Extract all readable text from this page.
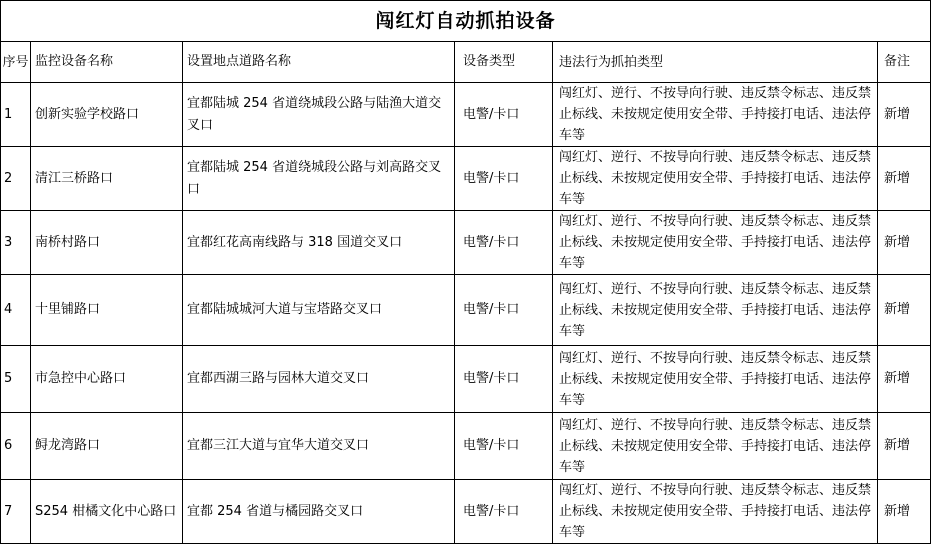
闯红灯自动抓拍设备					
序号	监控设备名称	设置地点道路名称	设备类型	违法行为抓拍类型	备注
1	创新实验学校路口	宜都陆城 254 省道绕城段公路与陆渔大道交叉口	电警/卡口	闯红灯、逆行、不按导向行驶、违反禁令标志、违反禁止标线、未按规定使用安全带、手持接打电话、违法停车等	新增
2	清江三桥路口	宜都陆城 254 省道绕城段公路与刘高路交叉口	电警/卡口	闯红灯、逆行、不按导向行驶、违反禁令标志、违反禁止标线、未按规定使用安全带、手持接打电话、违法停车等	新增
3	南桥村路口	宜都红花高南线路与 318 国道交叉口	电警/卡口	闯红灯、逆行、不按导向行驶、违反禁令标志、违反禁止标线、未按规定使用安全带、手持接打电话、违法停车等	新增
4	十里铺路口	宜都陆城城河大道与宝塔路交叉口	电警/卡口	闯红灯、逆行、不按导向行驶、违反禁令标志、违反禁止标线、未按规定使用安全带、手持接打电话、违法停车等	新增
5	市急控中心路口	宜都西湖三路与园林大道交叉口	电警/卡口	闯红灯、逆行、不按导向行驶、违反禁令标志、违反禁止标线、未按规定使用安全带、手持接打电话、违法停车等	新增
6	鲟龙湾路口	宜都三江大道与宜华大道交叉口	电警/卡口	闯红灯、逆行、不按导向行驶、违反禁令标志、违反禁止标线、未按规定使用安全带、手持接打电话、违法停车等	新增
7	S254 柑橘文化中心路口	宜都 254 省道与橘园路交叉口	电警/卡口	闯红灯、逆行、不按导向行驶、违反禁令标志、违反禁止标线、未按规定使用安全带、手持接打电话、违法停车等	新增
